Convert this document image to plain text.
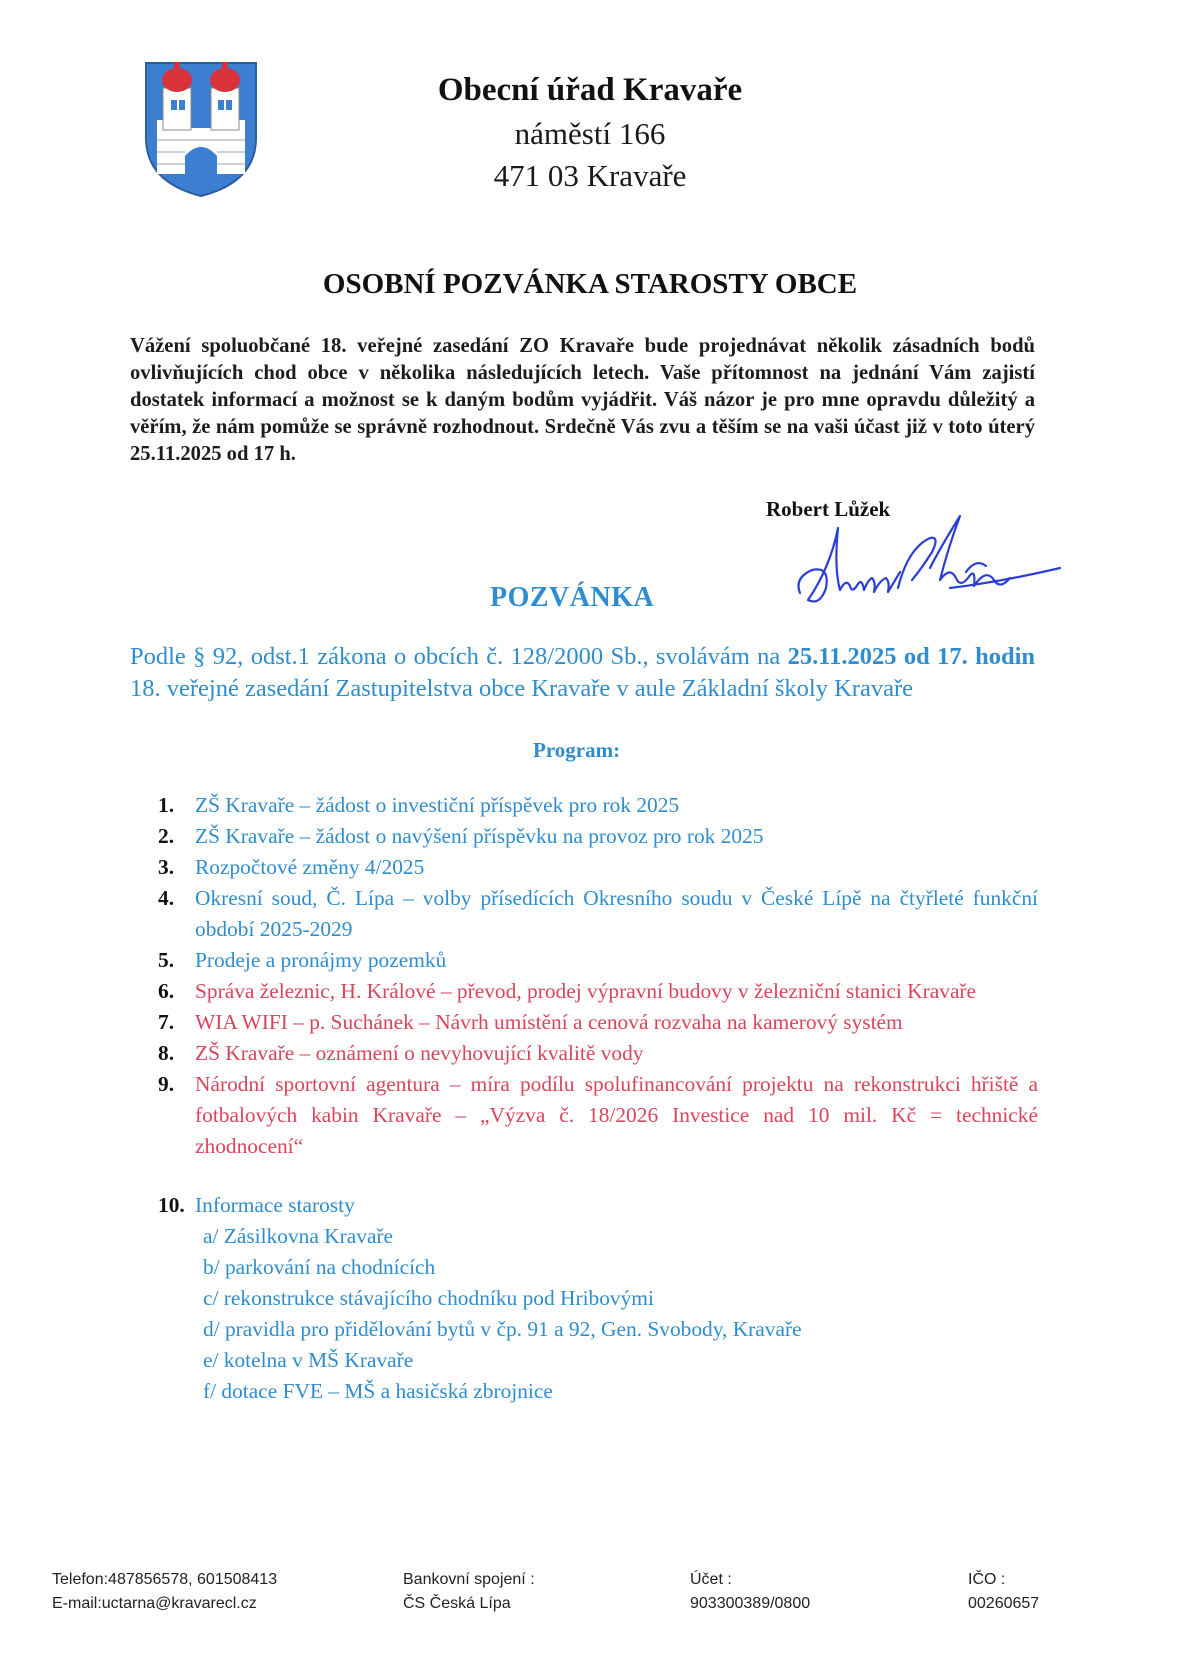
Obecní úřad Kravaře
náměstí 166
471 03 Kravaře
OSOBNÍ POZVÁNKA STAROSTY OBCE
Vážení spoluobčané 18. veřejné zasedání ZO Kravaře bude projednávat několik zásadních bodů ovlivňujících chod obce v několika následujících letech. Vaše přítomnost na jednání Vám zajistí dostatek informací a možnost se k daným bodům vyjádřit. Váš názor je pro mne opravdu důležitý a věřím, že nám pomůže se správně rozhodnout. Srdečně Vás zvu a těším se na vaši účast již v toto úterý 25.11.2025 od 17 h.
Robert Lůžek
POZVÁNKA
Podle § 92, odst.1 zákona o obcích č. 128/2000 Sb., svolávám na 25.11.2025 od 17. hodin 18. veřejné zasedání Zastupitelstva obce Kravaře v aule Základní školy Kravaře
Program:
1. ZŠ Kravaře – žádost o investiční příspěvek pro rok 2025
2. ZŠ Kravaře – žádost o navýšení příspěvku na provoz pro rok 2025
3. Rozpočtové změny 4/2025
4. Okresní soud, Č. Lípa – volby přísedících Okresního soudu v České Lípě na čtyřleté funkční období 2025-2029
5. Prodeje a pronájmy pozemků
6. Správa železnic, H. Králové – převod, prodej výpravní budovy v železniční stanici Kravaře
7. WIA WIFI – p. Suchánek – Návrh umístění a cenová rozvaha na kamerový systém
8. ZŠ Kravaře – oznámení o nevyhovující kvalitě vody
9. Národní sportovní agentura – míra podílu spolufinancování projektu na rekonstrukci hřiště a fotbalových kabin Kravaře – „Výzva č. 18/2026 Investice nad 10 mil. Kč = technické zhodnocení“
10. Informace starosty
a/ Zásilkovna Kravaře
b/ parkování na chodnících
c/ rekonstrukce stávajícího chodníku pod Hribovými
d/ pravidla pro přidělování bytů v čp. 91 a 92, Gen. Svobody, Kravaře
e/ kotelna v MŠ Kravaře
f/ dotace FVE – MŠ a hasičská zbrojnice
Telefon:487856578, 601508413
E-mail:uctarna@kravarecl.cz
Bankovní spojení :
ČS Česká Lípa
Účet :
903300389/0800
IČO :
00260657
